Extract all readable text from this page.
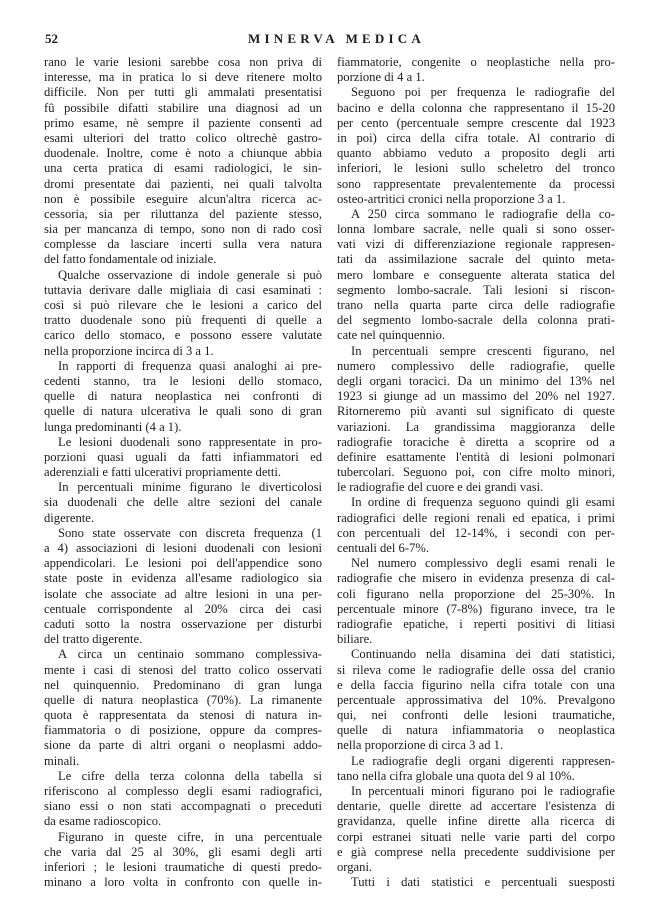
52	MINERVA MEDICA
rano le varie lesioni sarebbe cosa non priva di
interesse, ma in pratica lo si deve ritenere molto
difficile. Non per tutti gli ammalati presentatisi
fû possibile difatti stabilire una diagnosi ad un
primo esame, nè sempre il paziente consentì ad
esami ulteriori del tratto colico oltrechè gastro-
duodenale. Inoltre, come è noto a chiunque abbia
una certa pratica di esami radiologici, le sin-
dromi presentate dai pazienti, nei quali talvolta
non è possibile eseguire alcun'altra ricerca ac-
cessoria, sia per riluttanza del paziente stesso,
sia per mancanza di tempo, sono non di rado così
complesse da lasciare incerti sulla vera natura
del fatto fondamentale od iniziale.
Qualche osservazione di indole generale si può
tuttavia derivare dalle migliaia di casi esaminati :
così si può rilevare che le lesioni a carico del
tratto duodenale sono più frequenti di quelle a
carico dello stomaco, e possono essere valutate
nella proporzione incirca di 3 a 1.
In rapporti di frequenza quasi analoghi ai pre-
cedenti stanno, tra le lesioni dello stomaco,
quelle di natura neoplastica nei confronti di
quelle di natura ulcerativa le quali sono di gran
lunga predominanti (4 a 1).
Le lesioni duodenali sono rappresentate in pro-
porzioni quasi uguali da fatti infiammatori ed
aderenziali e fatti ulcerativi propriamente detti.
In percentuali minime figurano le diverticolosi
sia duodenali che delle altre sezioni del canale
digerente.
Sono state osservate con discreta frequenza (1
a 4) associazioni di lesioni duodenali con lesioni
appendicolari. Le lesioni poi dell'appendice sono
state poste in evidenza all'esame radiologico sia
isolate che associate ad altre lesioni in una per-
centuale corrispondente al 20% circa dei casi
caduti sotto la nostra osservazione per disturbi
del tratto digerente.
A circa un centinaio sommano complessiva-
mente i casi di stenosi del tratto colico osservati
nel quinquennio. Predominano di gran lunga
quelle di natura neoplastica (70%). La rimanente
quota è rappresentata da stenosi di natura in-
fiammatoria o di posizione, oppure da compres-
sione da parte di altri organi o neoplasmi addo-
minali.
Le cifre della terza colonna della tabella si
riferiscono al complesso degli esami radiografici,
siano essi o non stati accompagnati o preceduti
da esame radioscopico.
Figurano in queste cifre, in una percentuale
che varia dal 25 al 30%, gli esami degli arti
inferiori ; le lesioni traumatiche di questi predo-
minano a loro volta in confronto con quelle in-
fiammatorie, congenite o neoplastiche nella pro-
porzione di 4 a 1.
Seguono poi per frequenza le radiografie del
bacino e della colonna che rappresentano il 15-20
per cento (percentuale sempre crescente dal 1923
in poi) circa della cifra totale. Al contrario di
quanto abbiamo veduto a proposito degli arti
inferiori, le lesioni sullo scheletro del tronco
sono rappresentate prevalentemente da processi
osteo-artritici cronici nella proporzione 3 a 1.
A 250 circa sommano le radiografie della co-
lonna lombare sacrale, nelle quali si sono osser-
vati vizi di differenziazione regionale rappresen-
tati da assimilazione sacrale del quinto meta-
mero lombare e conseguente alterata statica del
segmento lombo-sacrale. Tali lesioni si riscon-
trano nella quarta parte circa delle radiografie
del segmento lombo-sacrale della colonna prati-
cate nel quinquennio.
In percentuali sempre crescenti figurano, nel
numero complessivo delle radiografie, quelle
degli organi toracici. Da un minimo del 13% nel
1923 si giunge ad un massimo del 20% nel 1927.
Ritorneremo più avanti sul significato di queste
variazioni. La grandissima maggioranza delle
radiografie toraciche è diretta a scoprire od a
definire esattamente l'entità di lesioni polmonari
tubercolari. Seguono poi, con cifre molto minori,
le radiografie del cuore e dei grandi vasi.
In ordine di frequenza seguono quindi gli esami
radiografici delle regioni renali ed epatica, i primi
con percentuali del 12-14%, i secondi con per-
centuali del 6-7%.
Nel numero complessivo degli esami renali le
radiografie che misero in evidenza presenza di cal-
coli figurano nella proporzione del 25-30%. In
percentuale minore (7-8%) figurano invece, tra le
radiografie epatiche, i reperti positivi di litiasi
biliare.
Continuando nella disamina dei dati statistici,
si rileva come le radiografie delle ossa del cranio
e della faccia figurino nella cifra totale con una
percentuale approssimativa del 10%. Prevalgono
qui, nei confronti delle lesioni traumatiche,
quelle di natura infiammatoria o neoplastica
nella proporzione di circa 3 ad 1.
Le radiografie degli organi digerenti rappresen-
tano nella cifra globale una quota del 9 al 10%.
In percentuali minori figurano poi le radiografie
dentarie, quelle dirette ad accertare l'esistenza di
gravidanza, quelle infine dirette alla ricerca di
corpi estranei situati nelle varie parti del corpo
e già comprese nella precedente suddivisione per
organi.
Tutti i dati statistici e percentuali suesposti
